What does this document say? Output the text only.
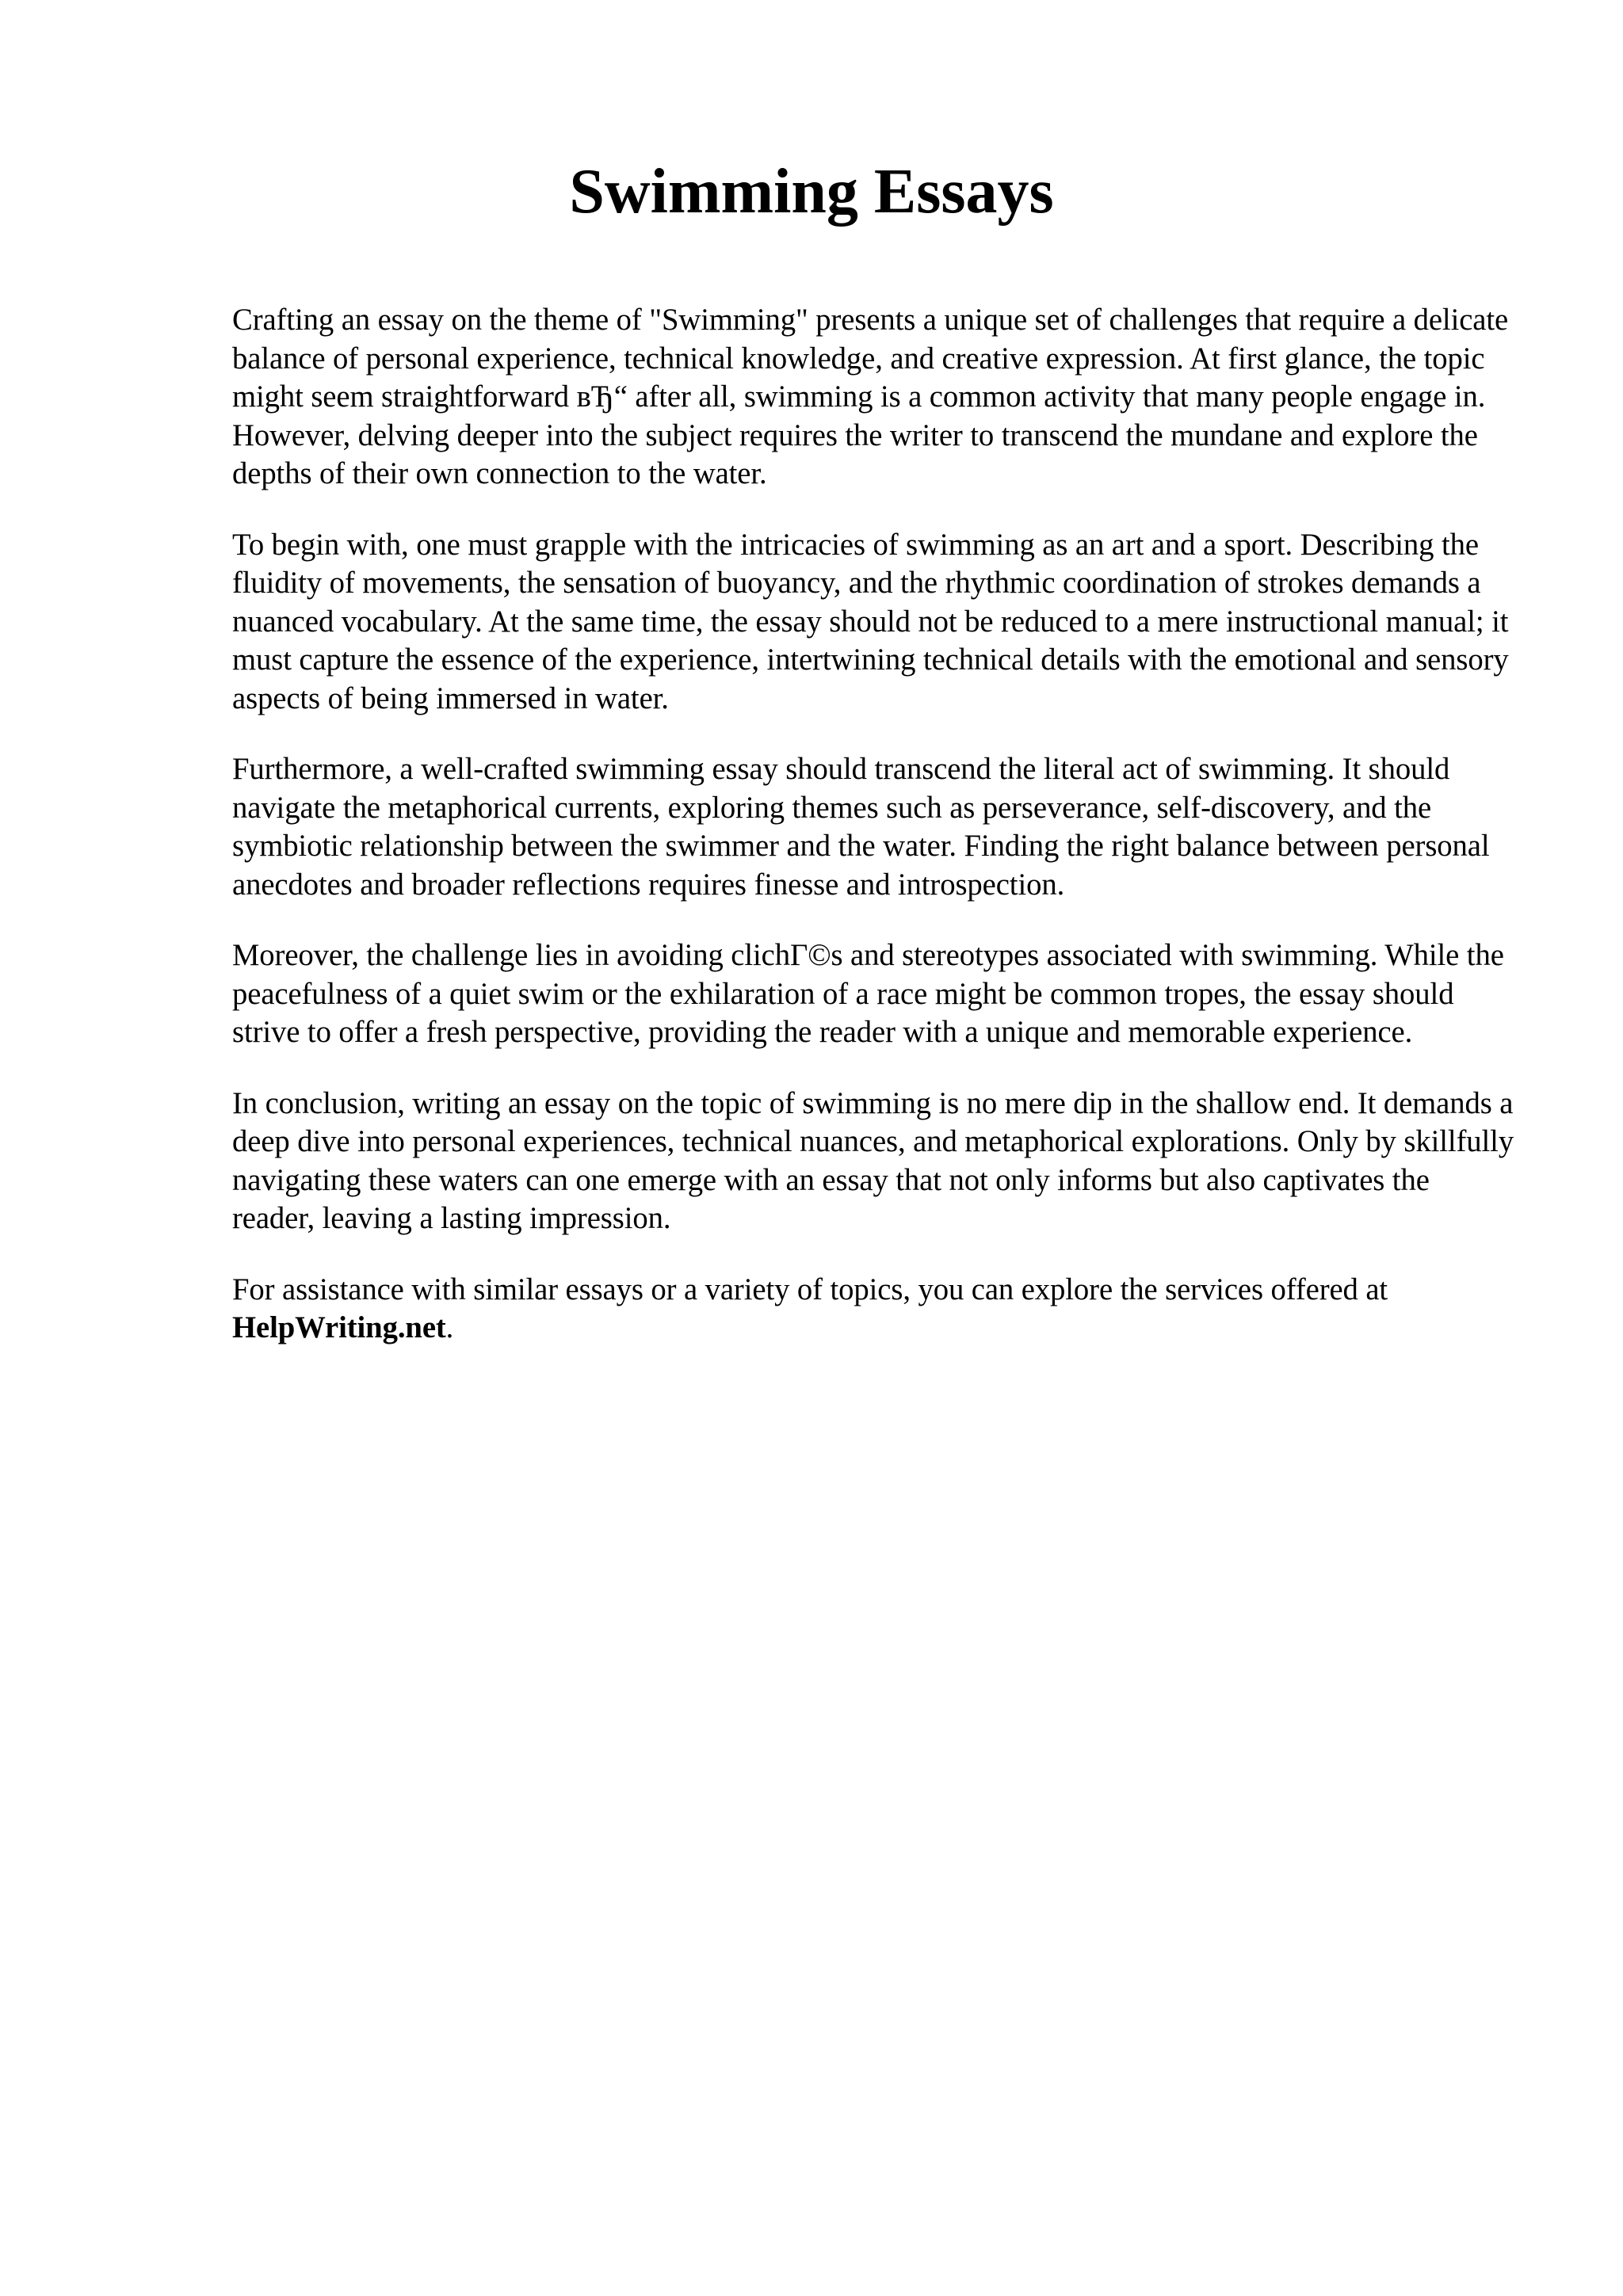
Swimming Essays

Crafting an essay on the theme of "Swimming" presents a unique set of challenges that require a delicate balance of personal experience, technical knowledge, and creative expression. At first glance, the topic might seem straightforward вЂ“ after all, swimming is a common activity that many people engage in. However, delving deeper into the subject requires the writer to transcend the mundane and explore the depths of their own connection to the water.

To begin with, one must grapple with the intricacies of swimming as an art and a sport. Describing the fluidity of movements, the sensation of buoyancy, and the rhythmic coordination of strokes demands a nuanced vocabulary. At the same time, the essay should not be reduced to a mere instructional manual; it must capture the essence of the experience, intertwining technical details with the emotional and sensory aspects of being immersed in water.

Furthermore, a well-crafted swimming essay should transcend the literal act of swimming. It should navigate the metaphorical currents, exploring themes such as perseverance, self-discovery, and the symbiotic relationship between the swimmer and the water. Finding the right balance between personal anecdotes and broader reflections requires finesse and introspection.

Moreover, the challenge lies in avoiding clichГ©s and stereotypes associated with swimming. While the peacefulness of a quiet swim or the exhilaration of a race might be common tropes, the essay should strive to offer a fresh perspective, providing the reader with a unique and memorable experience.

In conclusion, writing an essay on the topic of swimming is no mere dip in the shallow end. It demands a deep dive into personal experiences, technical nuances, and metaphorical explorations. Only by skillfully navigating these waters can one emerge with an essay that not only informs but also captivates the reader, leaving a lasting impression.

For assistance with similar essays or a variety of topics, you can explore the services offered at HelpWriting.net.
